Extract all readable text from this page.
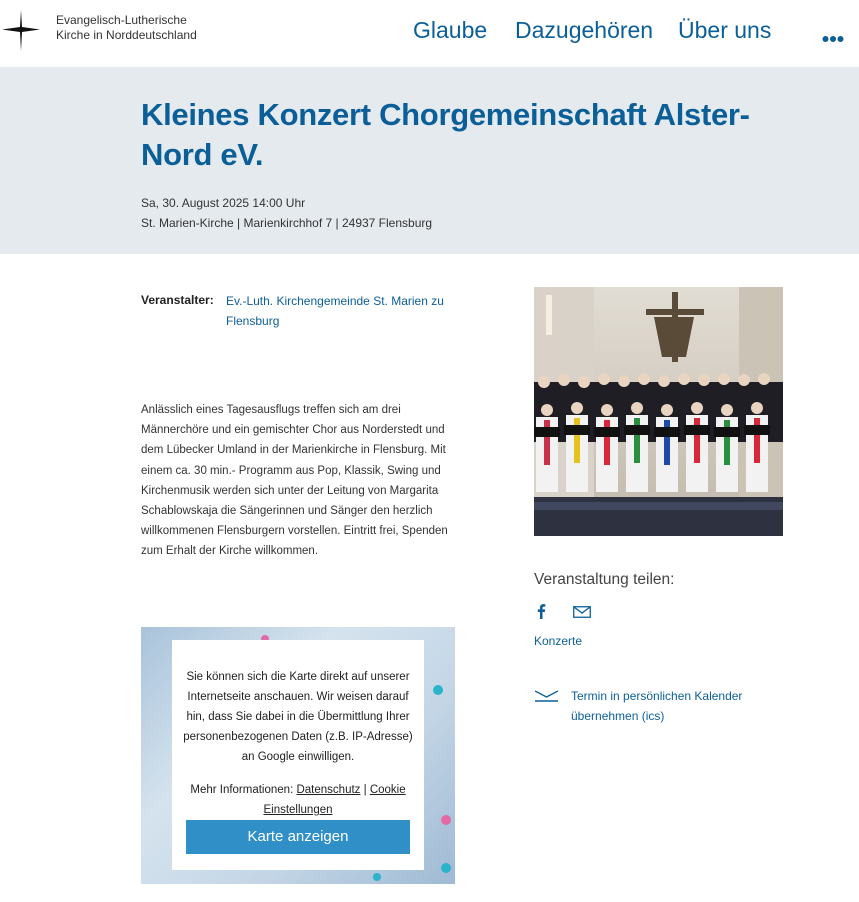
Evangelisch-Lutherische
Kirche in Norddeutschland	Glaube Dazugehören Über uns
Kleines Konzert Chorgemeinschaft Alster-Nord eV.
Sa, 30. August 2025 14:00 Uhr
St. Marien-Kirche | Marienkirchhof 7 | 24937 Flensburg
Veranstalter: Ev.-Luth. Kirchengemeinde St. Marien zu Flensburg

Anlässlich eines Tagesausflugs treffen sich am drei Männerchöre und ein gemischter Chor aus Norderstedt und dem Lübecker Umland in der Marienkirche in Flensburg. Mit einem ca. 30 min.- Programm aus Pop, Klassik, Swing und Kirchenmusik werden sich unter der Leitung von Margarita Schablowskaja die Sängerinnen und Sänger den herzlich willkommenen Flensburgern vorstellen. Eintritt frei, Spenden zum Erhalt der Kirche willkommen.

Sie können sich die Karte direkt auf unserer Internetseite anschauen. Wir weisen darauf hin, dass Sie dabei in die Übermittlung Ihrer personenbezogenen Daten (z.B. IP-Adresse) an Google einwilligen.

Mehr Informationen: Datenschutz | Cookie Einstellungen
Karte anzeigen
Veranstaltung teilen:
Konzerte
Termin in persönlichen Kalender übernehmen (ics)
